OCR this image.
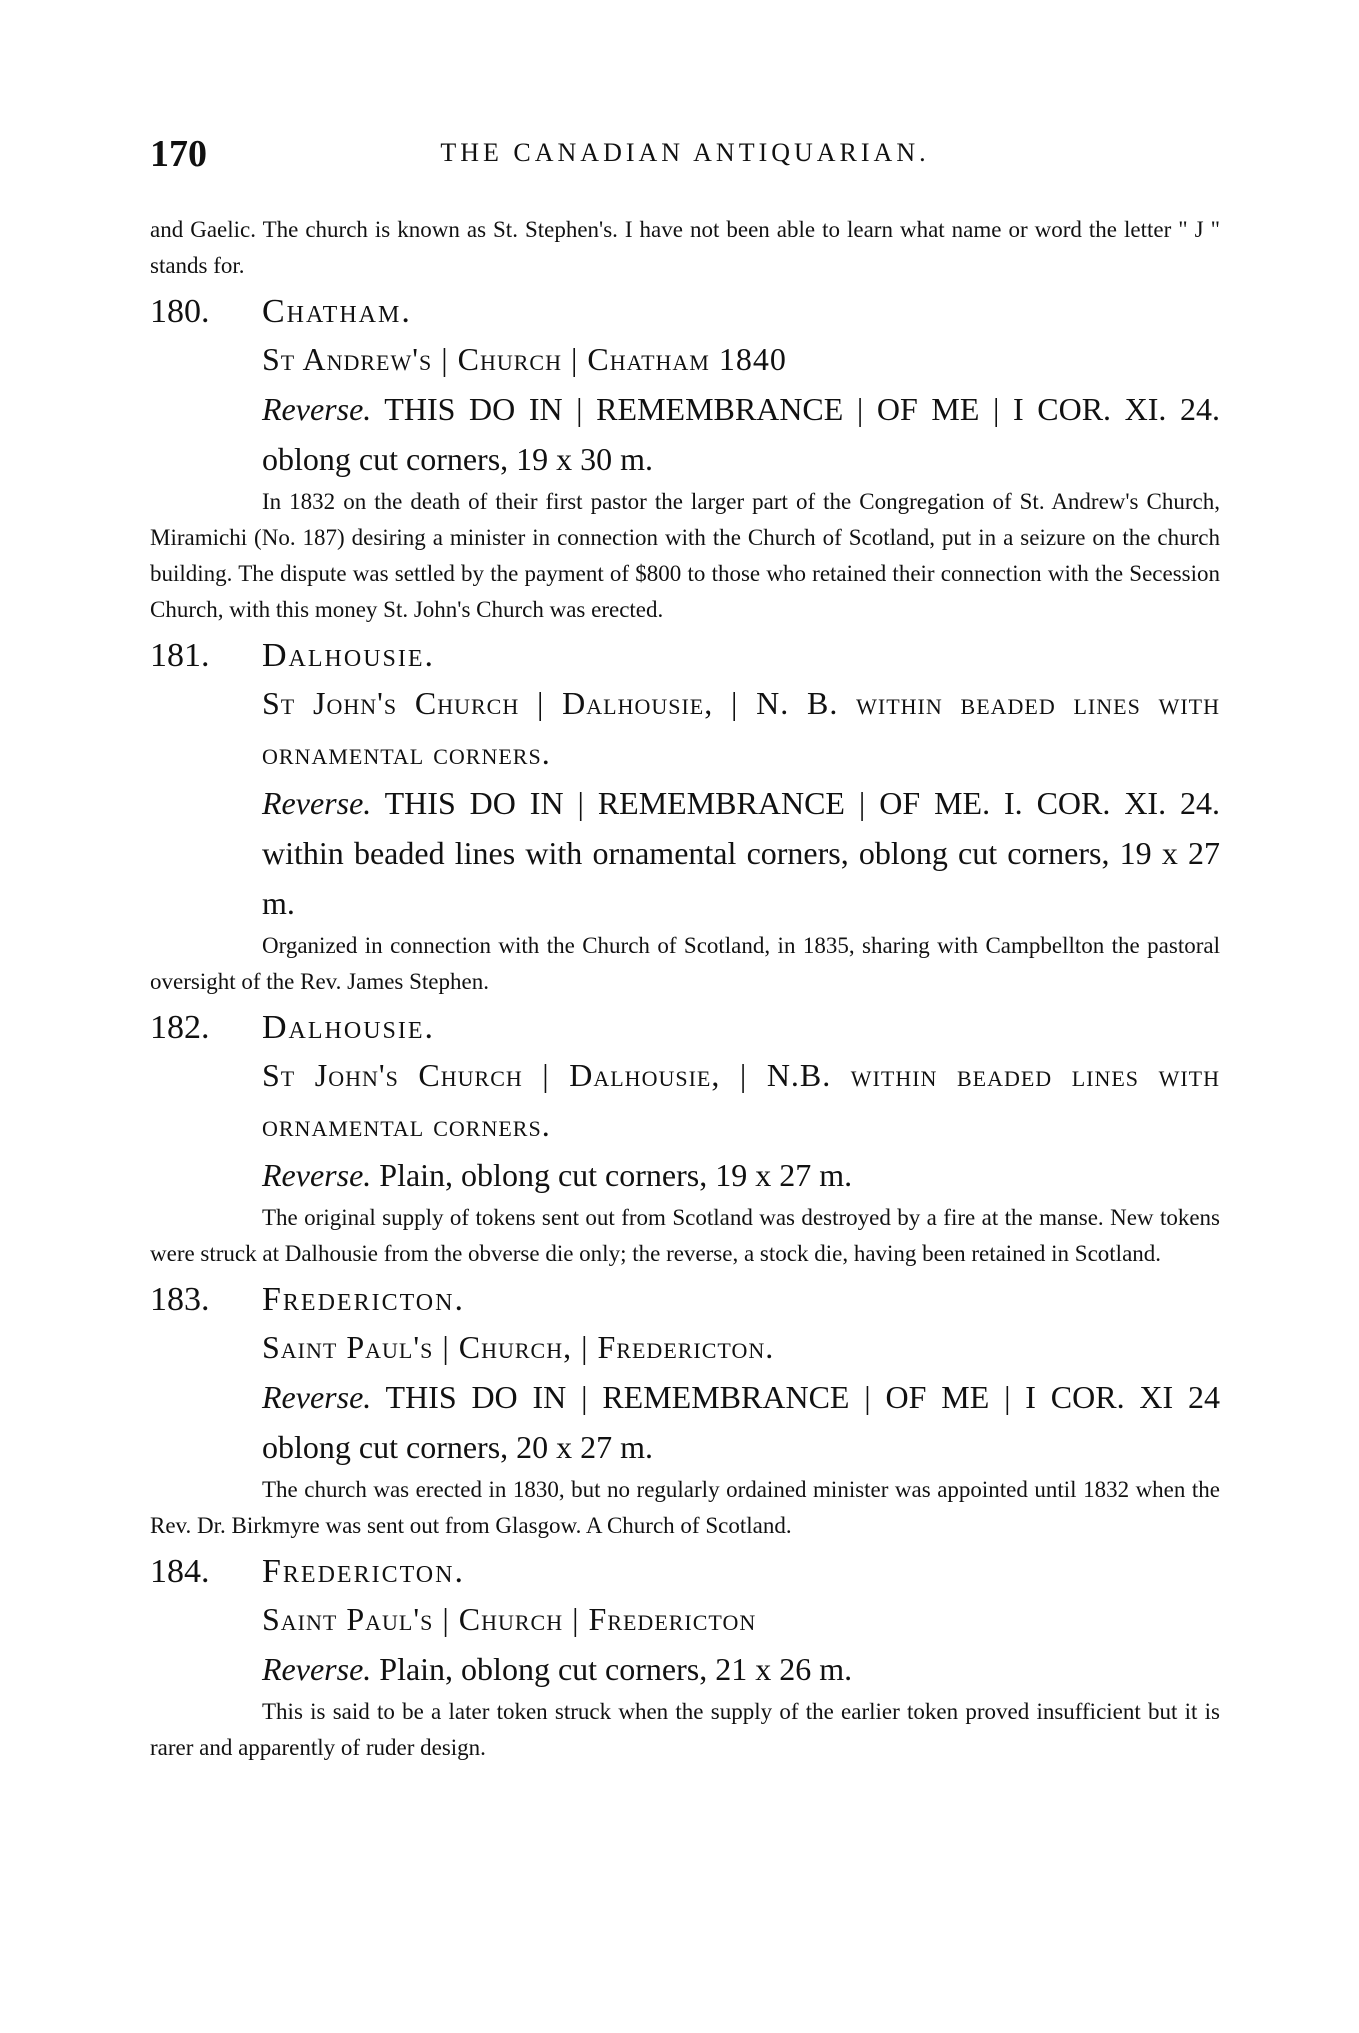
170	THE CANADIAN ANTIQUARIAN.

and Gaelic. The church is known as St. Stephen's. I have not been able to learn what name or word the letter " J " stands for.

180. Chatham.

St Andrew's | Church | Chatham 1840

Reverse. THIS DO IN | REMEMBRANCE | OF ME | I COR. XI. 24. oblong cut corners, 19 x 30 m.

In 1832 on the death of their first pastor the larger part of the Congregation of St. Andrew's Church, Miramichi (No. 187) desiring a minister in connection with the Church of Scotland, put in a seizure on the church building. The dispute was settled by the payment of $800 to those who retained their connection with the Secession Church, with this money St. John's Church was erected.

181. Dalhousie.

St John's Church | Dalhousie, | N. B. within beaded lines with ornamental corners.

Reverse. THIS DO IN | REMEMBRANCE | OF ME. I. COR. XI. 24. within beaded lines with ornamental corners, oblong cut corners, 19 x 27 m.

Organized in connection with the Church of Scotland, in 1835, sharing with Campbellton the pastoral oversight of the Rev. James Stephen.

182. Dalhousie.

St John's Church | Dalhousie, | N.B. within beaded lines with ornamental corners.

Reverse. Plain, oblong cut corners, 19 x 27 m.

The original supply of tokens sent out from Scotland was destroyed by a fire at the manse. New tokens were struck at Dalhousie from the obverse die only; the reverse, a stock die, having been retained in Scotland.

183. Fredericton.

Saint Paul's | Church, | Fredericton.

Reverse. THIS DO IN | REMEMBRANCE | OF ME | I COR. XI 24 oblong cut corners, 20 x 27 m.

The church was erected in 1830, but no regularly ordained minister was appointed until 1832 when the Rev. Dr. Birkmyre was sent out from Glasgow. A Church of Scotland.

184. Fredericton.

Saint Paul's | Church | Fredericton

Reverse. Plain, oblong cut corners, 21 x 26 m.

This is said to be a later token struck when the supply of the earlier token proved insufficient but it is rarer and apparently of ruder design.
